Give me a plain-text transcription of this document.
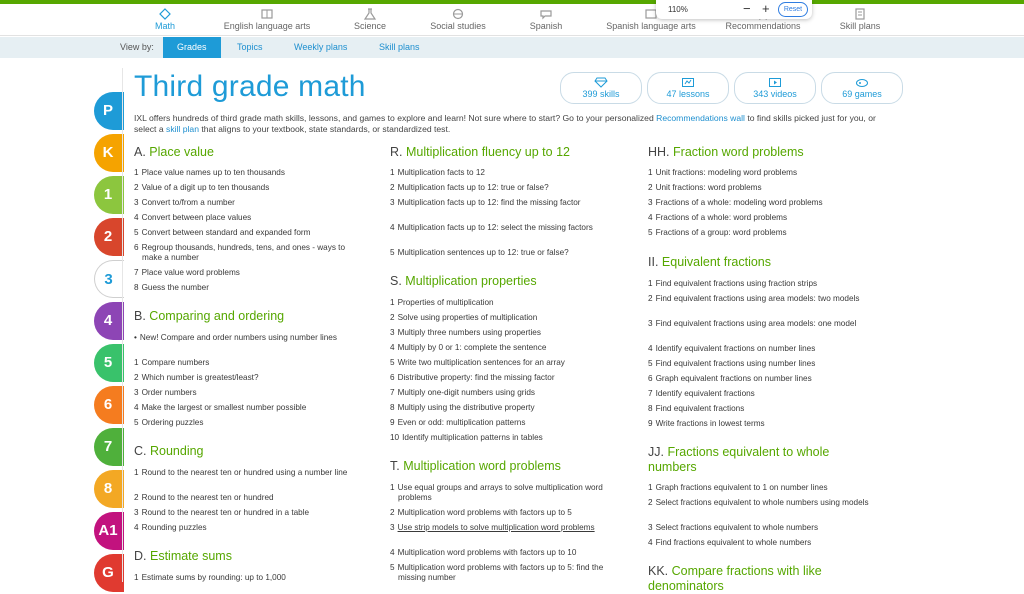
Math	English language arts	Science	Social studies	Spanish	Spanish language arts	Recommendations	Skill plans
110%	− +	Reset
View by:	Grades	Topics	Weekly plans	Skill plans
P
K
1
2
3
4
5
6
7
8
A1
G
Third grade math	399 skills	47 lessons	343 videos	69 games
IXL offers hundreds of third grade math skills, lessons, and games to explore and learn! Not sure where to start? Go to your personalized Recommendations wall to find skills picked just for you, or select a skill plan that aligns to your textbook, state standards, or standardized test.
A. Place value
1 Place value names up to ten thousands
2 Value of a digit up to ten thousands
3 Convert to/from a number
4 Convert between place values
5 Convert between standard and expanded form
6 Regroup thousands, hundreds, tens, and ones - ways to make a number
7 Place value word problems
8 Guess the number
B. Comparing and ordering
• New! Compare and order numbers using number lines
1 Compare numbers
2 Which number is greatest/least?
3 Order numbers
4 Make the largest or smallest number possible
5 Ordering puzzles
C. Rounding
1 Round to the nearest ten or hundred using a number line
2 Round to the nearest ten or hundred
3 Round to the nearest ten or hundred in a table
4 Rounding puzzles
D. Estimate sums
1 Estimate sums by rounding: up to 1,000
R. Multiplication fluency up to 12
1 Multiplication facts to 12
2 Multiplication facts up to 12: true or false?
3 Multiplication facts up to 12: find the missing factor
4 Multiplication facts up to 12: select the missing factors
5 Multiplication sentences up to 12: true or false?
S. Multiplication properties
1 Properties of multiplication
2 Solve using properties of multiplication
3 Multiply three numbers using properties
4 Multiply by 0 or 1: complete the sentence
5 Write two multiplication sentences for an array
6 Distributive property: find the missing factor
7 Multiply one-digit numbers using grids
8 Multiply using the distributive property
9 Even or odd: multiplication patterns
10 Identify multiplication patterns in tables
T. Multiplication word problems
1 Use equal groups and arrays to solve multiplication word problems
2 Multiplication word problems with factors up to 5
3 Use strip models to solve multiplication word problems
4 Multiplication word problems with factors up to 10
5 Multiplication word problems with factors up to 5: find the missing number
HH. Fraction word problems
1 Unit fractions: modeling word problems
2 Unit fractions: word problems
3 Fractions of a whole: modeling word problems
4 Fractions of a whole: word problems
5 Fractions of a group: word problems
II. Equivalent fractions
1 Find equivalent fractions using fraction strips
2 Find equivalent fractions using area models: two models
3 Find equivalent fractions using area models: one model
4 Identify equivalent fractions on number lines
5 Find equivalent fractions using number lines
6 Graph equivalent fractions on number lines
7 Identify equivalent fractions
8 Find equivalent fractions
9 Write fractions in lowest terms
JJ. Fractions equivalent to whole numbers
1 Graph fractions equivalent to 1 on number lines
2 Select fractions equivalent to whole numbers using models
3 Select fractions equivalent to whole numbers
4 Find fractions equivalent to whole numbers
KK. Compare fractions with like denominators
